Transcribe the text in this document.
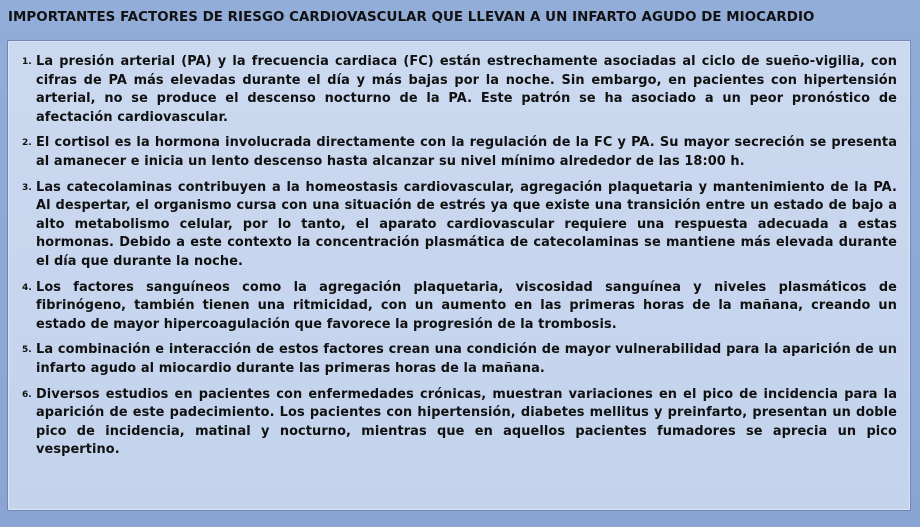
IMPORTANTES FACTORES DE RIESGO CARDIOVASCULAR QUE LLEVAN A UN INFARTO AGUDO DE MIOCARDIO
1. La presión arterial (PA) y la frecuencia cardiaca (FC) están estrechamente asociadas al ciclo de sueño-vigilia, con cifras de PA más elevadas durante el día y más bajas por la noche. Sin embargo, en pacientes con hipertensión arterial, no se produce el descenso nocturno de la PA. Este patrón se ha asociado a un peor pronóstico de afectación cardiovascular.
2. El cortisol es la hormona involucrada directamente con la regulación de la FC y PA. Su mayor secreción se presenta al amanecer e inicia un lento descenso hasta alcanzar su nivel mínimo alrededor de las 18:00 h.
3. Las catecolaminas contribuyen a la homeostasis cardiovascular, agregación plaquetaria y mantenimiento de la PA. Al despertar, el organismo cursa con una situación de estrés ya que existe una transición entre un estado de bajo a alto metabolismo celular, por lo tanto, el aparato cardiovascular requiere una respuesta adecuada a estas hormonas. Debido a este contexto la concentración plasmática de catecolaminas se mantiene más elevada durante el día que durante la noche.
4. Los factores sanguíneos como la agregación plaquetaria, viscosidad sanguínea y niveles plasmáticos de fibrinógeno, también tienen una ritmicidad, con un aumento en las primeras horas de la mañana, creando un estado de mayor hipercoagulación que favorece la progresión de la trombosis.
5. La combinación e interacción de estos factores crean una condición de mayor vulnerabilidad para la aparición de un infarto agudo al miocardio durante las primeras horas de la mañana.
6. Diversos estudios en pacientes con enfermedades crónicas, muestran variaciones en el pico de incidencia para la aparición de este padecimiento. Los pacientes con hipertensión, diabetes mellitus y preinfarto, presentan un doble pico de incidencia, matinal y nocturno, mientras que en aquellos pacientes fumadores se aprecia un pico vespertino.
